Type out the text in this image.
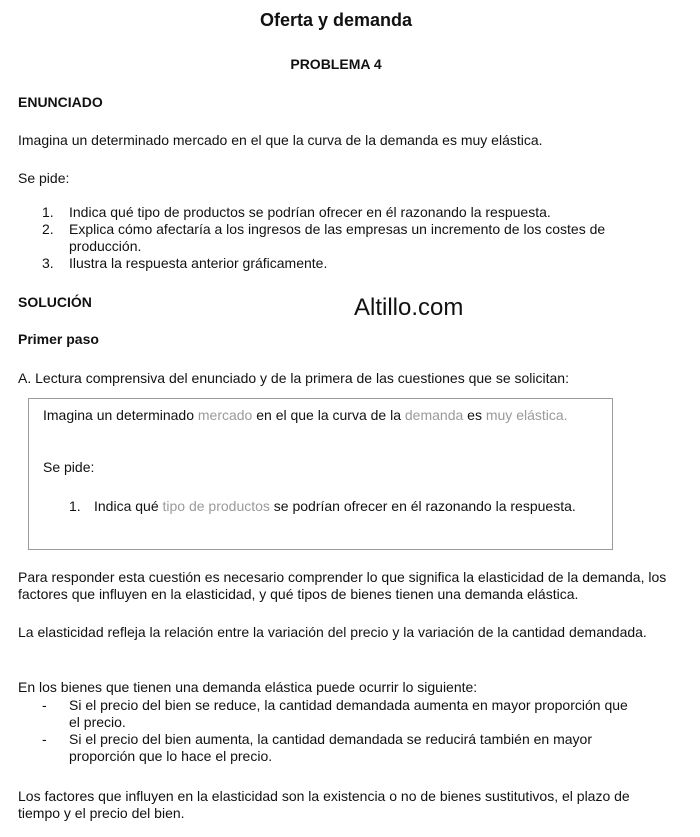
Oferta y demanda
PROBLEMA 4
ENUNCIADO

Imagina un determinado mercado en el que la curva de la demanda es muy elástica.

Se pide:

1. Indica qué tipo de productos se podrían ofrecer en él razonando la respuesta.
2. Explica cómo afectaría a los ingresos de las empresas un incremento de los costes de producción.
3. Ilustra la respuesta anterior gráficamente.
SOLUCIÓN	Altillo.com
Primer paso

A. Lectura comprensiva del enunciado y de la primera de las cuestiones que se solicitan:

Imagina un determinado mercado en el que la curva de la demanda es muy elástica.

Se pide:

1. Indica qué tipo de productos se podrían ofrecer en él razonando la respuesta.

Para responder esta cuestión es necesario comprender lo que significa la elasticidad de la demanda, los factores que influyen en la elasticidad, y qué tipos de bienes tienen una demanda elástica.

La elasticidad refleja la relación entre la variación del precio y la variación de la cantidad demandada.

En los bienes que tienen una demanda elástica puede ocurrir lo siguiente:

- Si el precio del bien se reduce, la cantidad demandada aumenta en mayor proporción que el precio.
- Si el precio del bien aumenta, la cantidad demandada se reducirá también en mayor proporción que lo hace el precio.

Los factores que influyen en la elasticidad son la existencia o no de bienes sustitutivos, el plazo de tiempo y el precio del bien.
